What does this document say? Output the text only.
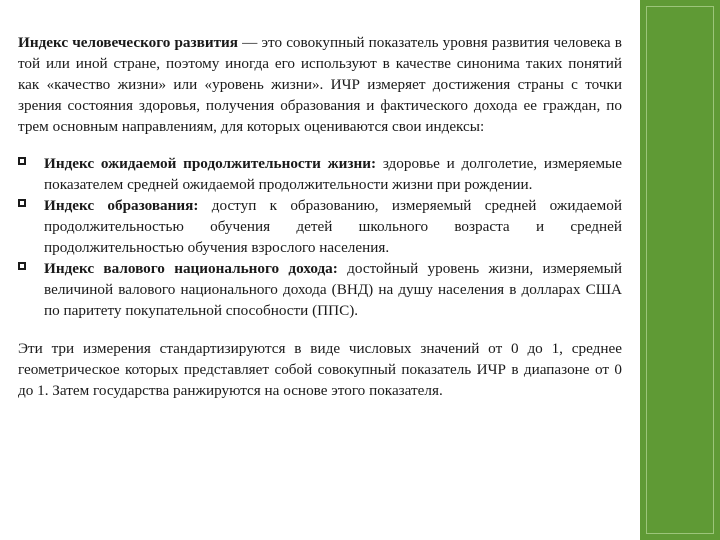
Индекс человеческого развития — это совокупный показатель уровня развития человека в той или иной стране, поэтому иногда его используют в качестве синонима таких понятий как «качество жизни» или «уровень жизни». ИЧР измеряет достижения страны с точки зрения состояния здоровья, получения образования и фактического дохода ее граждан, по трем основным направлениям, для которых оцениваются свои индексы:

Индекс ожидаемой продолжительности жизни: здоровье и долголетие, измеряемые показателем средней ожидаемой продолжительности жизни при рождении.
Индекс образования: доступ к образованию, измеряемый средней ожидаемой продолжительностью обучения детей школьного возраста и средней продолжительностью обучения взрослого населения.
Индекс валового национального дохода: достойный уровень жизни, измеряемый величиной валового национального дохода (ВНД) на душу населения в долларах США по паритету покупательной способности (ППС).

Эти три измерения стандартизируются в виде числовых значений от 0 до 1, среднее геометрическое которых представляет собой совокупный показатель ИЧР в диапазоне от 0 до 1. Затем государства ранжируются на основе этого показателя.
